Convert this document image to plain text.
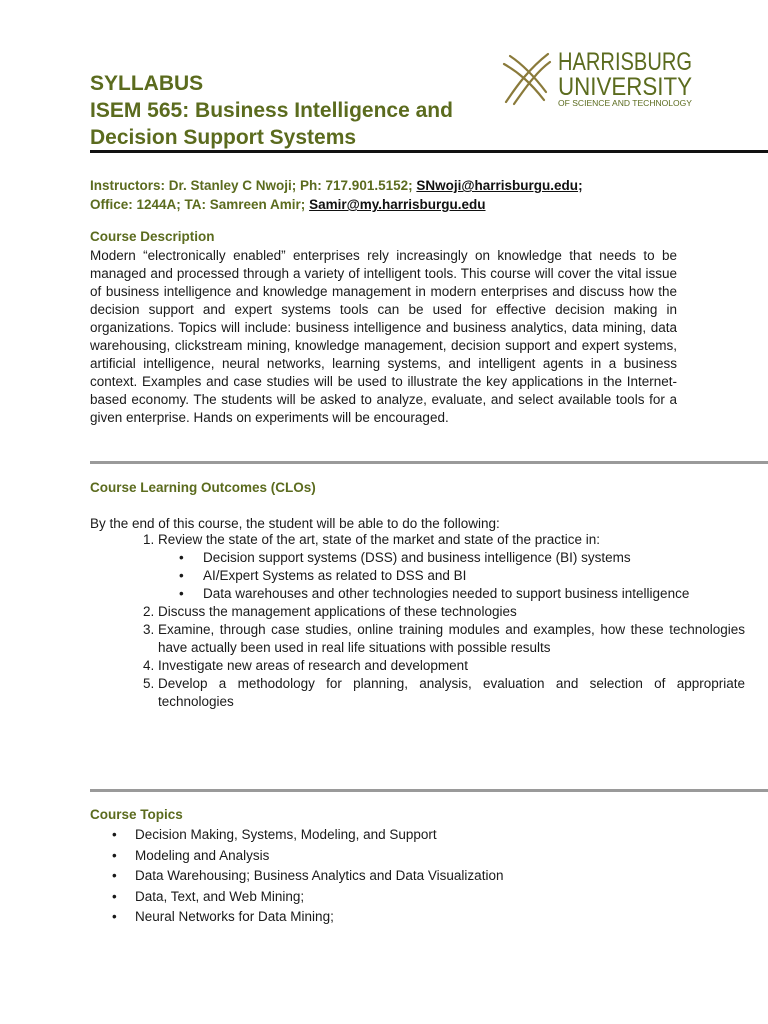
SYLLABUS
ISEM 565: Business Intelligence and
Decision Support Systems
HARRISBURG
UNIVERSITY
OF SCIENCE AND TECHNOLOGY
Instructors: Dr. Stanley C Nwoji; Ph: 717.901.5152; SNwoji@harrisburgu.edu;
Office: 1244A; TA: Samreen Amir; Samir@my.harrisburgu.edu
Course Description
Modern “electronically enabled” enterprises rely increasingly on knowledge that needs to be managed and processed through a variety of intelligent tools. This course will cover the vital issue of business intelligence and knowledge management in modern enterprises and discuss how the decision support and expert systems tools can be used for effective decision making in organizations. Topics will include: business intelligence and business analytics, data mining, data warehousing, clickstream mining, knowledge management, decision support and expert systems, artificial intelligence, neural networks, learning systems, and intelligent agents in a business context. Examples and case studies will be used to illustrate the key applications in the Internet-based economy. The students will be asked to analyze, evaluate, and select available tools for a given enterprise. Hands on experiments will be encouraged.
Course Learning Outcomes (CLOs)
By the end of this course, the student will be able to do the following:
1. Review the state of the art, state of the market and state of the practice in:
• Decision support systems (DSS) and business intelligence (BI) systems
• AI/Expert Systems as related to DSS and BI
• Data warehouses and other technologies needed to support business intelligence
2. Discuss the management applications of these technologies
3. Examine, through case studies, online training modules and examples, how these technologies have actually been used in real life situations with possible results
4. Investigate new areas of research and development
5. Develop a methodology for planning, analysis, evaluation and selection of appropriate technologies
Course Topics
• Decision Making, Systems, Modeling, and Support
• Modeling and Analysis
• Data Warehousing; Business Analytics and Data Visualization
• Data, Text, and Web Mining;
• Neural Networks for Data Mining;
